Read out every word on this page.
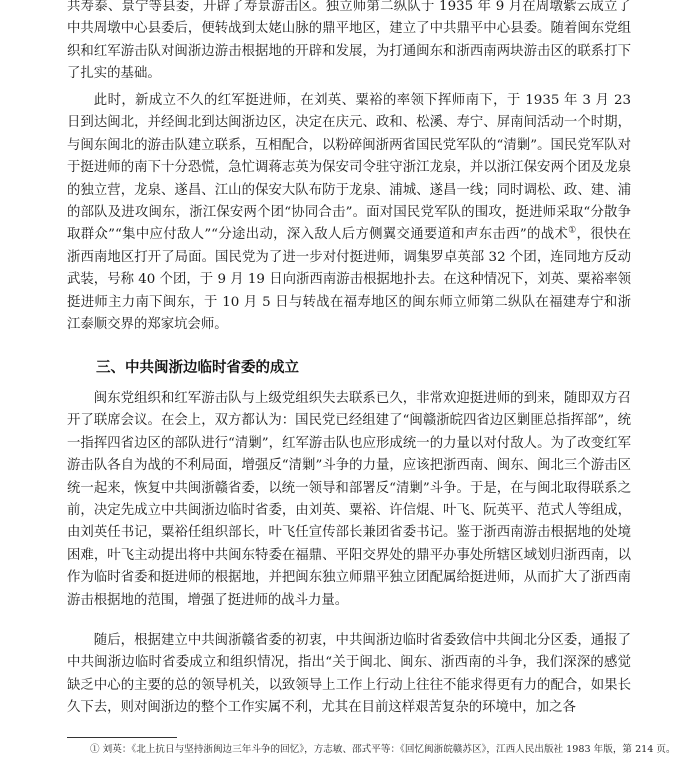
共寿泰、景宁等县委，开辟了寿景游击区。独立师第二纵队于 1935 年 9 月在周墩紫云成立了中共周墩中心县委后，便转战到太姥山脉的鼎平地区，建立了中共鼎平中心县委。随着闽东党组织和红军游击队对闽浙边游击根据地的开辟和发展，为打通闽东和浙西南两块游击区的联系打下了扎实的基础。

此时，新成立不久的红军挺进师，在刘英、粟裕的率领下挥师南下，于 1935 年 3 月 23 日到达闽北，并经闽北到达闽浙边区，决定在庆元、政和、松溪、寿宁、屏南间活动一个时期，与闽东闽北的游击队建立联系，互相配合，以粉碎闽浙两省国民党军队的“清剿”。国民党军队对于挺进师的南下十分恐慌，急忙调蒋志英为保安司令驻守浙江龙泉，并以浙江保安两个团及龙泉的独立营，龙泉、遂昌、江山的保安大队布防于龙泉、浦城、遂昌一线；同时调松、政、建、浦的部队及进攻闽东，浙江保安两个团“协同合击”。面对国民党军队的围攻，挺进师采取“分散争取群众”“集中应付敌人”“分途出动，深入敌人后方侧翼交通要道和声东击西”的战术①，很快在浙西南地区打开了局面。国民党为了进一步对付挺进师，调集罗卓英部 32 个团，连同地方反动武装，号称 40 个团，于 9 月 19 日向浙西南游击根据地扑去。在这种情况下，刘英、粟裕率领挺进师主力南下闽东，于 10 月 5 日与转战在福寿地区的闽东师立师第二纵队在福建寿宁和浙江泰顺交界的郑家坑会师。

三、中共闽浙边临时省委的成立

闽东党组织和红军游击队与上级党组织失去联系已久，非常欢迎挺进师的到来，随即双方召开了联席会议。在会上，双方都认为：国民党已经组建了“闽赣浙皖四省边区剿匪总指挥部”，统一指挥四省边区的部队进行“清剿”，红军游击队也应形成统一的力量以对付敌人。为了改变红军游击队各自为战的不利局面，增强反“清剿”斗争的力量，应该把浙西南、闽东、闽北三个游击区统一起来，恢复中共闽浙赣省委，以统一领导和部署反“清剿”斗争。于是，在与闽北取得联系之前，决定先成立中共闽浙边临时省委，由刘英、粟裕、许信焜、叶飞、阮英平、范式人等组成，由刘英任书记，粟裕任组织部长，叶飞任宣传部长兼团省委书记。鉴于浙西南游击根据地的处境困难，叶飞主动提出将中共闽东特委在福鼎、平阳交界处的鼎平办事处所辖区域划归浙西南，以作为临时省委和挺进师的根据地，并把闽东独立师鼎平独立团配属给挺进师，从而扩大了浙西南游击根据地的范围，增强了挺进师的战斗力量。

随后，根据建立中共闽浙赣省委的初衷，中共闽浙边临时省委致信中共闽北分区委，通报了中共闽浙边临时省委成立和组织情况，指出“关于闽北、闽东、浙西南的斗争，我们深深的感觉缺乏中心的主要的总的领导机关，以致领导上工作上行动上往往不能求得更有力的配合，如果长久下去，则对闽浙边的整个工作实属不利，尤其在目前这样艰苦复杂的环境中，加之各

① 刘英：《北上抗日与坚持浙闽边三年斗争的回忆》，方志敏、邵式平等：《回忆闽浙皖赣苏区》，江西人民出版社 1983 年版，第 214 页。
